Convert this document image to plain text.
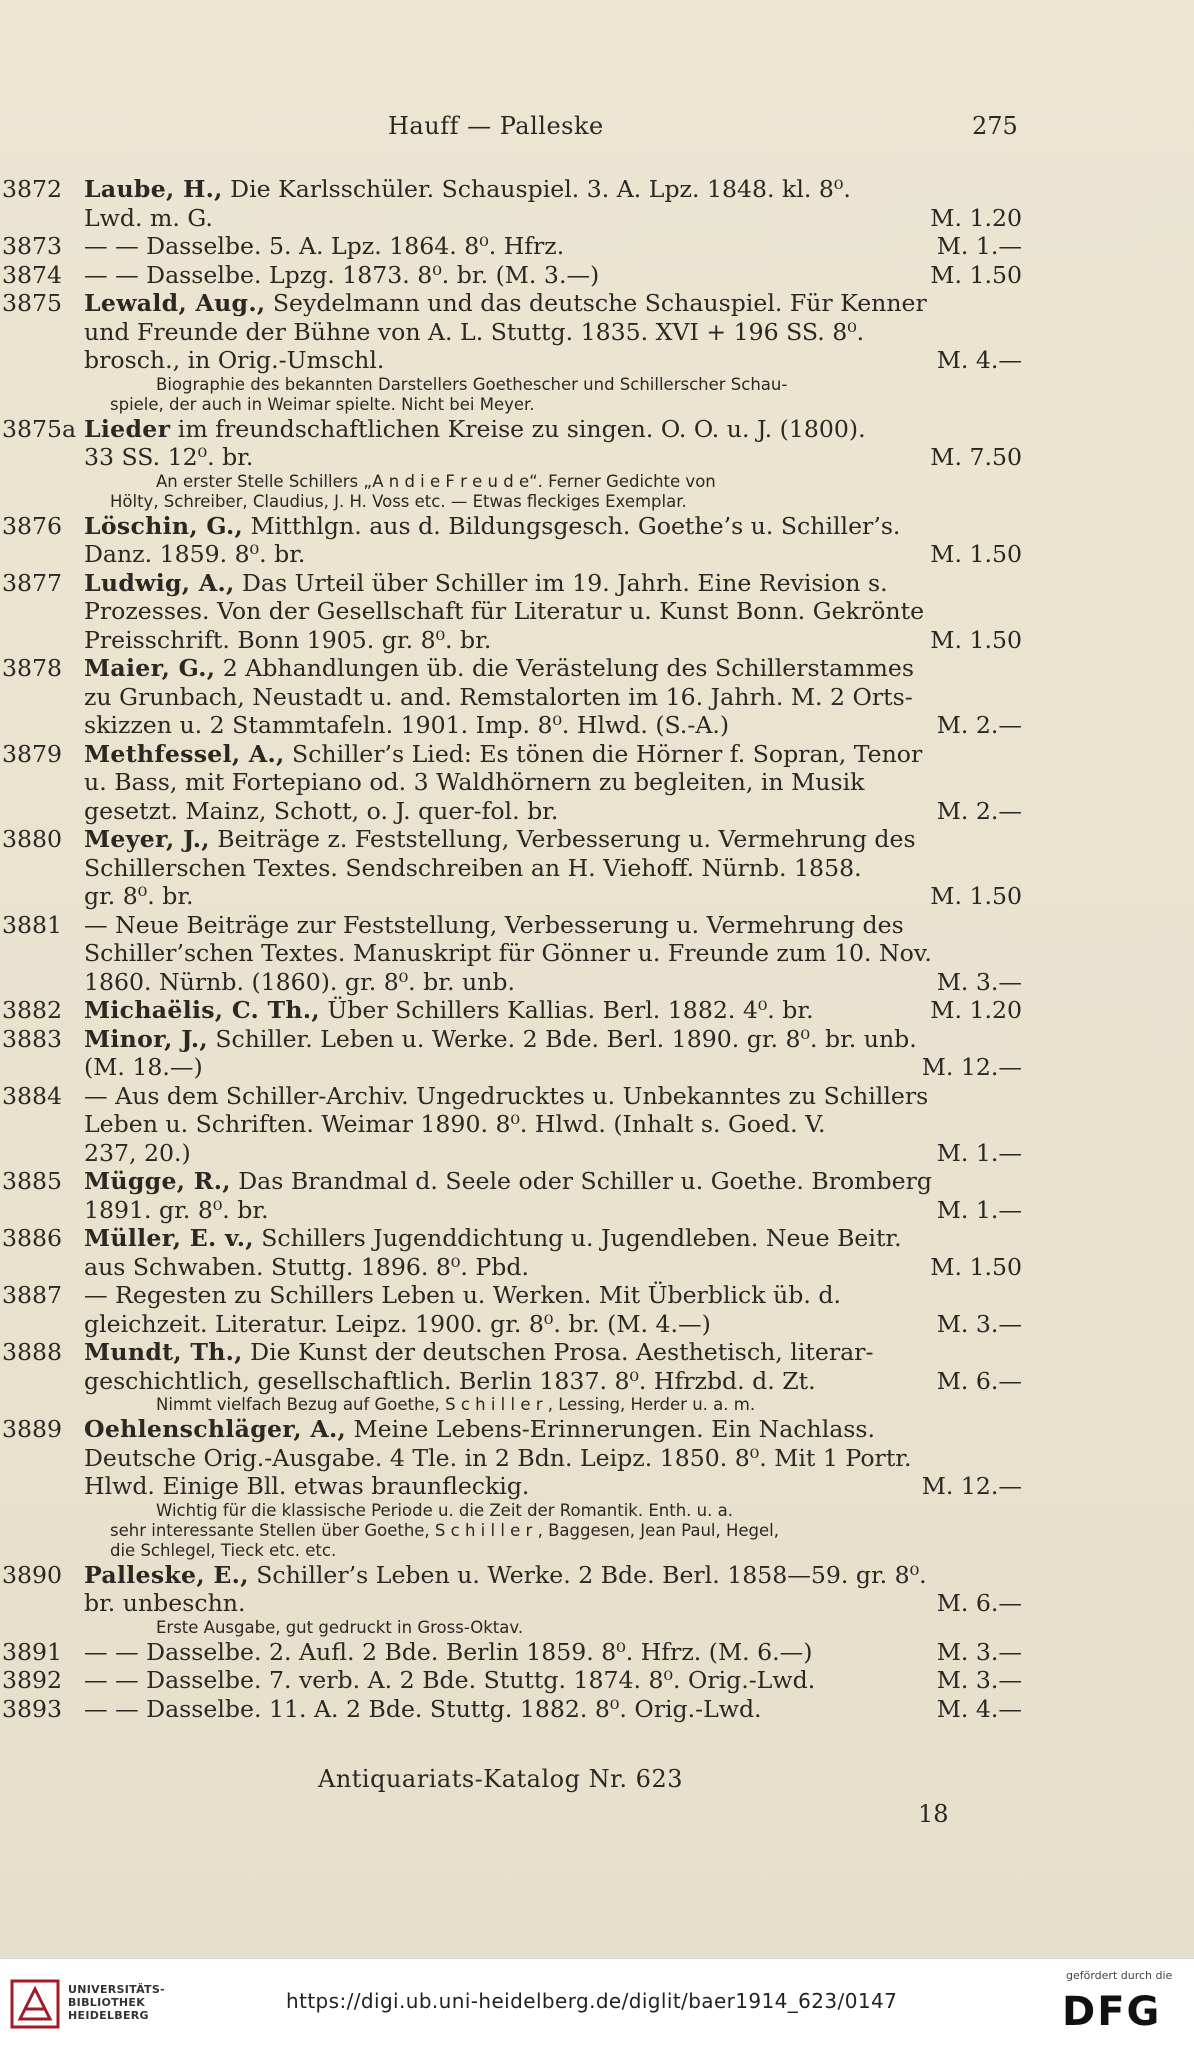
Hauff — Palleske	275
3872 Laube, H., Die Karlsschüler. Schauspiel. 3. A. Lpz. 1848. kl. 8⁰.
Lwd. m. G.	M. 1.20
3873 — — Dasselbe. 5. A. Lpz. 1864. 8⁰. Hfrz.	M. 1.—
3874 — — Dasselbe. Lpzg. 1873. 8⁰. br. (M. 3.—)	M. 1.50
3875 Lewald, Aug., Seydelmann und das deutsche Schauspiel. Für Kenner
und Freunde der Bühne von A. L. Stuttg. 1835. XVI + 196 SS. 8⁰.
brosch., in Orig.-Umschl.	M. 4.—
Biographie des bekannten Darstellers Goethescher und Schillerscher Schau-
spiele, der auch in Weimar spielte. Nicht bei Meyer.
3875a Lieder im freundschaftlichen Kreise zu singen. O. O. u. J. (1800).
33 SS. 12⁰. br.	M. 7.50
An erster Stelle Schillers „A n d i e F r e u d e“. Ferner Gedichte von
Hölty, Schreiber, Claudius, J. H. Voss etc. — Etwas fleckiges Exemplar.
3876 Löschin, G., Mitthlgn. aus d. Bildungsgesch. Goethe’s u. Schiller’s.
Danz. 1859. 8⁰. br.	M. 1.50
3877 Ludwig, A., Das Urteil über Schiller im 19. Jahrh. Eine Revision s.
Prozesses. Von der Gesellschaft für Literatur u. Kunst Bonn. Gekrönte
Preisschrift. Bonn 1905. gr. 8⁰. br.	M. 1.50
3878 Maier, G., 2 Abhandlungen üb. die Verästelung des Schillerstammes
zu Grunbach, Neustadt u. and. Remstalorten im 16. Jahrh. M. 2 Orts-
skizzen u. 2 Stammtafeln. 1901. Imp. 8⁰. Hlwd. (S.-A.)	M. 2.—
3879 Methfessel, A., Schiller’s Lied: Es tönen die Hörner f. Sopran, Tenor
u. Bass, mit Fortepiano od. 3 Waldhörnern zu begleiten, in Musik
gesetzt. Mainz, Schott, o. J. quer-fol. br.	M. 2.—
3880 Meyer, J., Beiträge z. Feststellung, Verbesserung u. Vermehrung des
Schillerschen Textes. Sendschreiben an H. Viehoff. Nürnb. 1858.
gr. 8⁰. br.	M. 1.50
3881 — Neue Beiträge zur Feststellung, Verbesserung u. Vermehrung des
Schiller’schen Textes. Manuskript für Gönner u. Freunde zum 10. Nov.
1860. Nürnb. (1860). gr. 8⁰. br. unb.	M. 3.—
3882 Michaëlis, C. Th., Über Schillers Kallias. Berl. 1882. 4⁰. br.	M. 1.20
3883 Minor, J., Schiller. Leben u. Werke. 2 Bde. Berl. 1890. gr. 8⁰. br. unb.
(M. 18.—)	M. 12.—
3884 — Aus dem Schiller-Archiv. Ungedrucktes u. Unbekanntes zu Schillers
Leben u. Schriften. Weimar 1890. 8⁰. Hlwd. (Inhalt s. Goed. V.
237, 20.)	M. 1.—
3885 Mügge, R., Das Brandmal d. Seele oder Schiller u. Goethe. Bromberg
1891. gr. 8⁰. br.	M. 1.—
3886 Müller, E. v., Schillers Jugenddichtung u. Jugendleben. Neue Beitr.
aus Schwaben. Stuttg. 1896. 8⁰. Pbd.	M. 1.50
3887 — Regesten zu Schillers Leben u. Werken. Mit Überblick üb. d.
gleichzeit. Literatur. Leipz. 1900. gr. 8⁰. br. (M. 4.—)	M. 3.—
3888 Mundt, Th., Die Kunst der deutschen Prosa. Aesthetisch, literar-
geschichtlich, gesellschaftlich. Berlin 1837. 8⁰. Hfrzbd. d. Zt.	M. 6.—
Nimmt vielfach Bezug auf Goethe, S c h i l l e r , Lessing, Herder u. a. m.
3889 Oehlenschläger, A., Meine Lebens-Erinnerungen. Ein Nachlass.
Deutsche Orig.-Ausgabe. 4 Tle. in 2 Bdn. Leipz. 1850. 8⁰. Mit 1 Portr.
Hlwd. Einige Bll. etwas braunfleckig.	M. 12.—
Wichtig für die klassische Periode u. die Zeit der Romantik. Enth. u. a.
sehr interessante Stellen über Goethe, S c h i l l e r , Baggesen, Jean Paul, Hegel,
die Schlegel, Tieck etc. etc.
3890 Palleske, E., Schiller’s Leben u. Werke. 2 Bde. Berl. 1858—59. gr. 8⁰.
br. unbeschn.	M. 6.—
Erste Ausgabe, gut gedruckt in Gross-Oktav.
3891 — — Dasselbe. 2. Aufl. 2 Bde. Berlin 1859. 8⁰. Hfrz. (M. 6.—)	M. 3.—
3892 — — Dasselbe. 7. verb. A. 2 Bde. Stuttg. 1874. 8⁰. Orig.-Lwd.	M. 3.—
3893 — — Dasselbe. 11. A. 2 Bde. Stuttg. 1882. 8⁰. Orig.-Lwd.	M. 4.—
Antiquariats-Katalog Nr. 623
18
UNIVERSITÄTS-
BIBLIOTHEK
HEIDELBERG
https://digi.ub.uni-heidelberg.de/diglit/baer1914_623/0147
gefördert durch die
DFG
